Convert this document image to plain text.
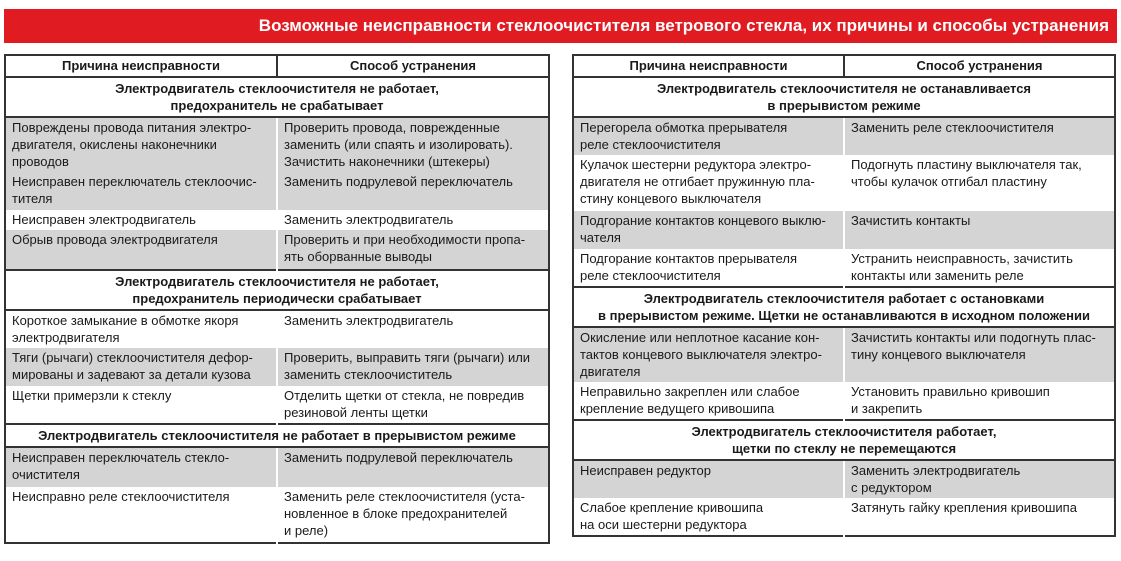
Возможные неисправности стеклоочистителя ветрового стекла, их причины и способы устранения
Причина неисправности	Способ устранения

Электродвигатель стеклоочистителя не работает,
предохранитель не срабатывает	

Повреждены провода питания электро-
двигателя, окислены наконечники
проводов	Проверить провода, поврежденные
заменить (или спаять и изолировать).
Зачистить наконечники (штекеры)

Неисправен переключатель стеклоочис-
тителя	Заменить подрулевой переключатель

Неисправен электродвигатель	Заменить электродвигатель

Обрыв провода электродвигателя	Проверить и при необходимости пропа-
ять оборванные выводы

Электродвигатель стеклоочистителя не работает,
предохранитель периодически срабатывает	

Короткое замыкание в обмотке якоря
электродвигателя	Заменить электродвигатель

Тяги (рычаги) стеклоочистителя дефор-
мированы и задевают за детали кузова	Проверить, выправить тяги (рычаги) или
заменить стеклоочиститель

Щетки примерзли к стеклу	Отделить щетки от стекла, не повредив
резиновой ленты щетки

Электродвигатель стеклоочистителя не работает в прерывистом режиме	

Неисправен переключатель стекло-
очистителя	Заменить подрулевой переключатель

Неисправно реле стеклоочистителя	Заменить реле стеклоочистителя (уста-
новленное в блоке предохранителей
и реле)
Причина неисправности	Способ устранения

Электродвигатель стеклоочистителя не останавливается
в прерывистом режиме	

Перегорела обмотка прерывателя
реле стеклоочистителя	Заменить реле стеклоочистителя

Кулачок шестерни редуктора электро-
двигателя не отгибает пружинную пла-
стину концевого выключателя	Подогнуть пластину выключателя так,
чтобы кулачок отгибал пластину

Подгорание контактов концевого выклю-
чателя	Зачистить контакты

Подгорание контактов прерывателя
реле стеклоочистителя	Устранить неисправность, зачистить
контакты или заменить реле

Электродвигатель стеклоочистителя работает с остановками
в прерывистом режиме. Щетки не останавливаются в исходном положении	

Окисление или неплотное касание кон-
тактов концевого выключателя электро-
двигателя	Зачистить контакты или подогнуть плас-
тину концевого выключателя

Неправильно закреплен или слабое
крепление ведущего кривошипа	Установить правильно кривошип
и закрепить

Электродвигатель стеклоочистителя работает,
щетки по стеклу не перемещаются	

Неисправен редуктор	Заменить электродвигатель
с редуктором

Слабое крепление кривошипа
на оси шестерни редуктора	Затянуть гайку крепления кривошипа
